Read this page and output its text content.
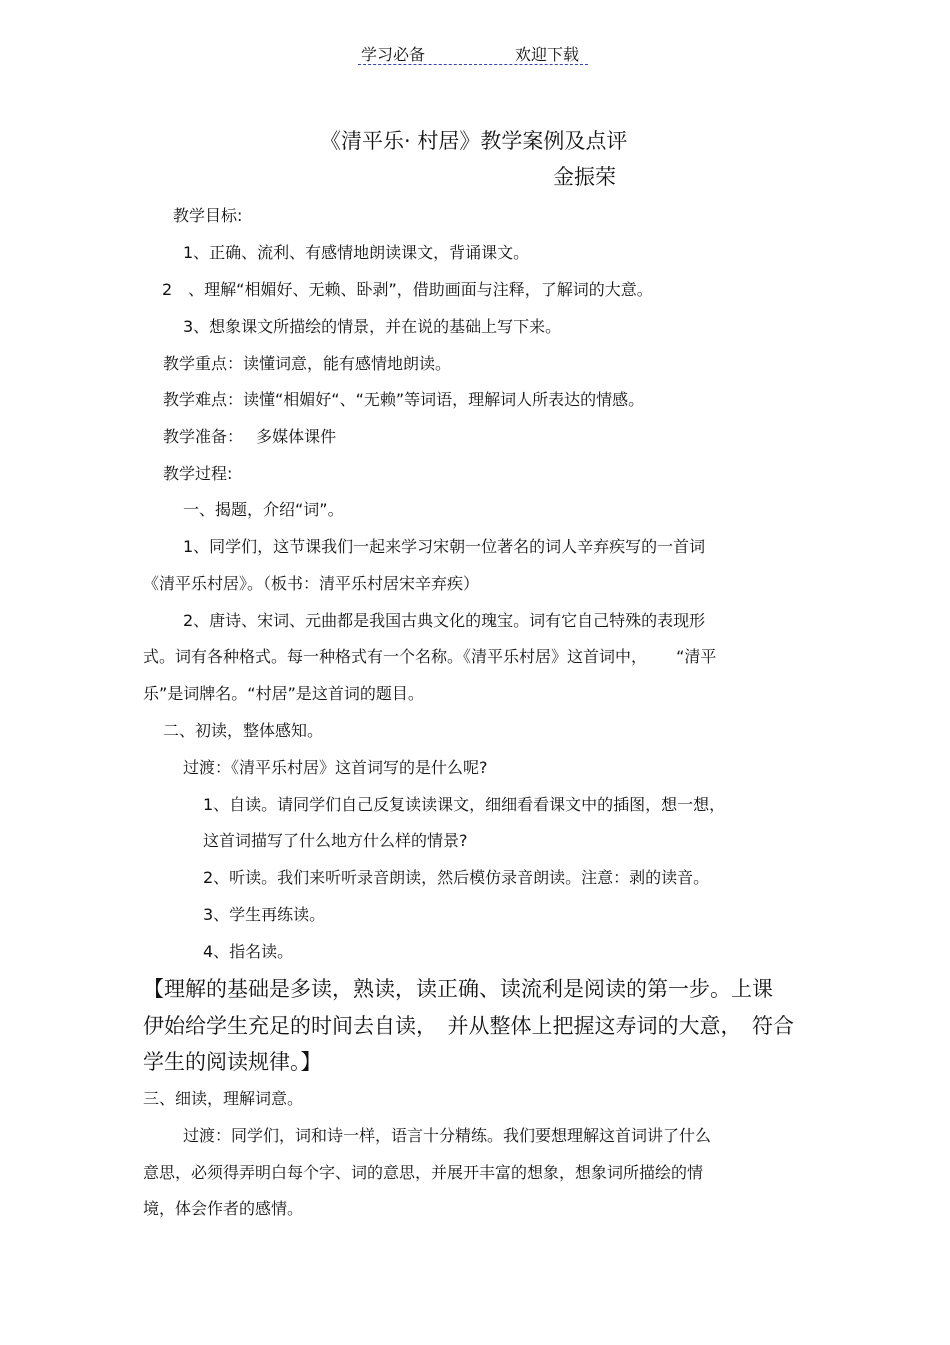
学习必备	欢迎下载
《清平乐· 村居》教学案例及点评
金振荣
教学目标:
1、正确、流利、有感情地朗读课文，背诵课文。
2　、理解“相媚好、无赖、卧剥”，借助画面与注释，了解词的大意。
3、想象课文所描绘的情景，并在说的基础上写下来。
教学重点：读懂词意，能有感情地朗读。
教学难点：读懂“相媚好“、“无赖”等词语，理解词人所表达的情感。
教学准备：　 多媒体课件
教学过程:
一、揭题，介绍“词”。
1、同学们，这节课我们一起来学习宋朝一位著名的词人辛弃疾写的一首词
《清平乐村居》。（板书：清平乐村居宋辛弃疾）
2、唐诗、宋词、元曲都是我国古典文化的瑰宝。词有它自己特殊的表现形
式。词有各种格式。每一种格式有一个名称。《清平乐村居》这首词中，　　 “清平
乐”是词牌名。“村居”是这首词的题目。
二、初读，整体感知。
过渡：《清平乐村居》这首词写的是什么呢?
1、自读。请同学们自己反复读读课文，细细看看课文中的插图，想一想，
这首词描写了什么地方什么样的情景?
2、听读。我们来听听录音朗读，然后模仿录音朗读。注意：剥的读音。
3、学生再练读。
4、指名读。
【理解的基础是多读，熟读，读正确、读流利是阅读的第一步。上课
伊始给学生充足的时间去自读，　并从整体上把握这寿词的大意，　符合
学生的阅读规律。】
三、细读，理解词意。
过渡：同学们，词和诗一样，语言十分精练。我们要想理解这首词讲了什么
意思，必须得弄明白每个字、词的意思，并展开丰富的想象，想象词所描绘的情
境，体会作者的感情。
